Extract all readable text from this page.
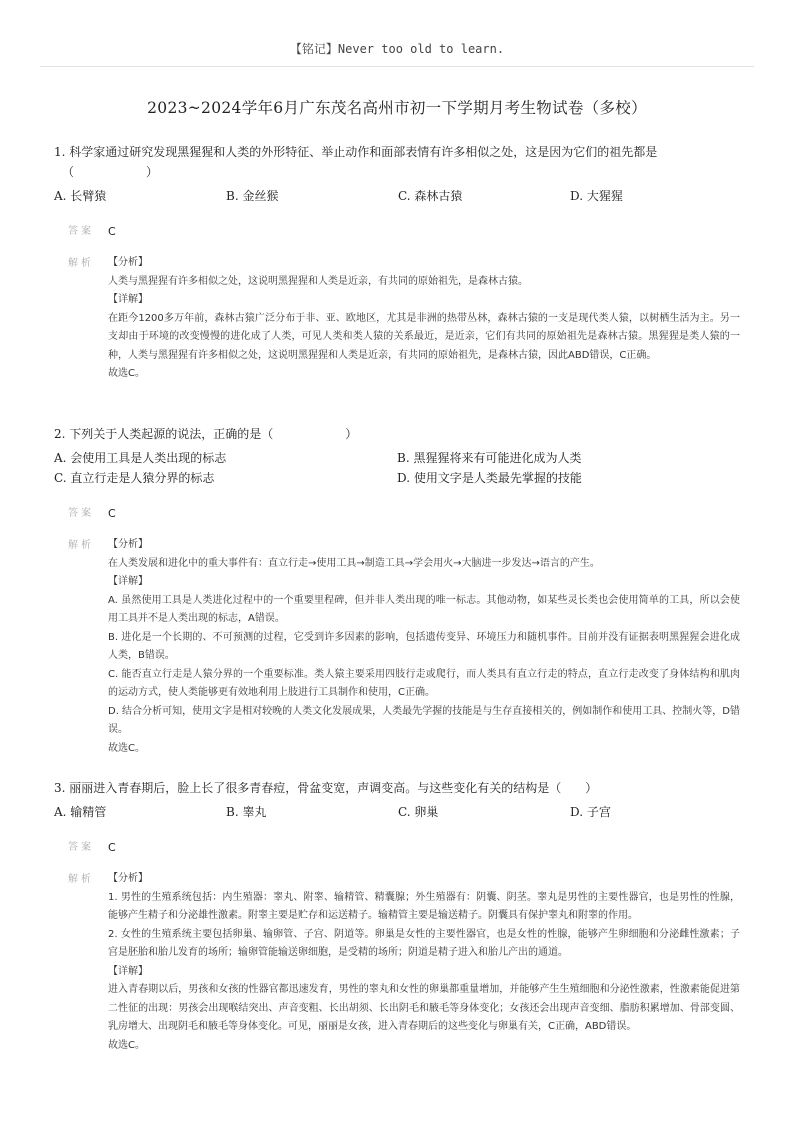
【铭记】Never too old to learn.
2023~2024学年6月广东茂名高州市初一下学期月考生物试卷（多校）
1. 科学家通过研究发现黑猩猩和人类的外形特征、举止动作和面部表情有许多相似之处，这是因为它们的祖先都是
（　　　　　　）
A. 长臂猿	B. 金丝猴	C. 森林古猿	D. 大猩猩
答案 C
解析 【分析】

人类与黑猩猩有许多相似之处，这说明黑猩猩和人类是近亲，有共同的原始祖先，是森林古猿。

【详解】

在距今1200多万年前，森林古猿广泛分布于非、亚、欧地区，尤其是非洲的热带丛林，森林古猿的一支是现代类人猿，以树栖生活为主。另一支却由于环境的改变慢慢的进化成了人类，可见人类和类人猿的关系最近，是近亲，它们有共同的原始祖先是森林古猿。黑猩猩是类人猿的一种，人类与黑猩猩有许多相似之处，这说明黑猩猩和人类是近亲，有共同的原始祖先，是森林古猿，因此ABD错误，C正确。

故选C。

2. 下列关于人类起源的说法，正确的是（　　　　　　）
A. 会使用工具是人类出现的标志	B. 黑猩猩将来有可能进化成为人类
C. 直立行走是人猿分界的标志	D. 使用文字是人类最先掌握的技能
答案 C
解析 【分析】

在人类发展和进化中的重大事件有：直立行走→使用工具→制造工具→学会用火→大脑进一步发达→语言的产生。

【详解】

A. 虽然使用工具是人类进化过程中的一个重要里程碑，但并非人类出现的唯一标志。其他动物，如某些灵长类也会使用简单的工具，所以会使用工具并不是人类出现的标志，A错误。

B. 进化是一个长期的、不可预测的过程，它受到许多因素的影响，包括遗传变异、环境压力和随机事件。目前并没有证据表明黑猩猩会进化成人类，B错误。

C. 能否直立行走是人猿分界的一个重要标准。类人猿主要采用四肢行走或爬行，而人类具有直立行走的特点，直立行走改变了身体结构和肌肉的运动方式，使人类能够更有效地利用上肢进行工具制作和使用，C正确。

D. 结合分析可知，使用文字是相对较晚的人类文化发展成果，人类最先学握的技能是与生存直接相关的，例如制作和使用工具、控制火等，D错误。

故选C。

3. 丽丽进入青春期后，脸上长了很多青春痘，骨盆变宽，声调变高。与这些变化有关的结构是（　　）
A. 输精管	B. 睾丸	C. 卵巢	D. 子宫
答案 C
解析 【分析】

1. 男性的生殖系统包括：内生殖器：睾丸、附睾、输精管、精囊腺；外生殖器有：阴囊、阴茎。睾丸是男性的主要性器官，也是男性的性腺，能够产生精子和分泌雄性激素。附睾主要是贮存和运送精子。输精管主要是输送精子。阴囊具有保护睾丸和附睾的作用。

2. 女性的生殖系统主要包括卵巢、输卵管、子宫、阴道等。卵巢是女性的主要性器官，也是女性的性腺，能够产生卵细胞和分泌雌性激素；子宫是胚胎和胎儿发育的场所；输卵管能输送卵细胞，是受精的场所；阴道是精子进入和胎儿产出的通道。

【详解】

进入青春期以后，男孩和女孩的性器官都迅速发育，男性的睾丸和女性的卵巢都重量增加，并能够产生生殖细胞和分泌性激素，性激素能促进第二性征的出现：男孩会出现喉结突出、声音变粗、长出胡须、长出阴毛和腋毛等身体变化；女孩还会出现声音变细、脂肪积累增加、骨部变圆、乳房增大、出现阴毛和腋毛等身体变化。可见，丽丽是女孩，进入青春期后的这些变化与卵巢有关，C正确，ABD错误。

故选C。
